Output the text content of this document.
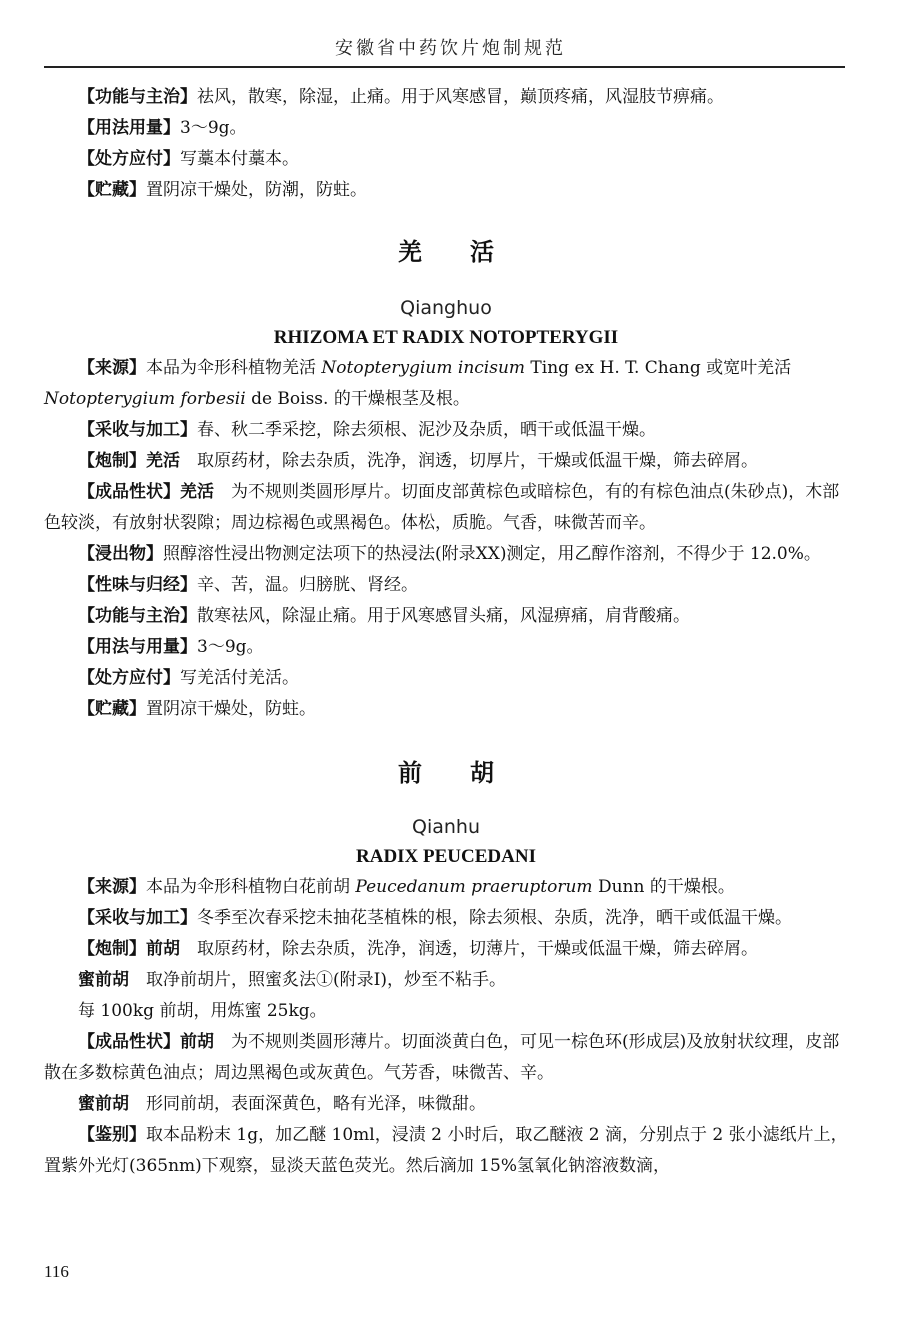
安徽省中药饮片炮制规范

【功能与主治】祛风，散寒，除湿，止痛。用于风寒感冒，巅顶疼痛，风湿肢节痹痛。

【用法用量】3～9g。

【处方应付】写藁本付藁本。

【贮藏】置阴凉干燥处，防潮，防蛀。

羌活

Qianghuo

RHIZOMA ET RADIX NOTOPTERYGII

【来源】本品为伞形科植物羌活 Notopterygium incisum Ting ex H. T. Chang 或宽叶羌活 Notopterygium forbesii de Boiss. 的干燥根茎及根。

【采收与加工】春、秋二季采挖，除去须根、泥沙及杂质，晒干或低温干燥。

【炮制】羌活　取原药材，除去杂质，洗净，润透，切厚片，干燥或低温干燥，筛去碎屑。

【成品性状】羌活　为不规则类圆形厚片。切面皮部黄棕色或暗棕色，有的有棕色油点(朱砂点)，木部色较淡，有放射状裂隙；周边棕褐色或黑褐色。体松，质脆。气香，味微苦而辛。

【浸出物】照醇溶性浸出物测定法项下的热浸法(附录XX)测定，用乙醇作溶剂，不得少于 12.0%。

【性味与归经】辛、苦，温。归膀胱、肾经。

【功能与主治】散寒祛风，除湿止痛。用于风寒感冒头痛，风湿痹痛，肩背酸痛。

【用法与用量】3～9g。

【处方应付】写羌活付羌活。

【贮藏】置阴凉干燥处，防蛀。

前胡

Qianhu

RADIX PEUCEDANI

【来源】本品为伞形科植物白花前胡 Peucedanum praeruptorum Dunn 的干燥根。

【采收与加工】冬季至次春采挖未抽花茎植株的根，除去须根、杂质，洗净，晒干或低温干燥。

【炮制】前胡　取原药材，除去杂质，洗净，润透，切薄片，干燥或低温干燥，筛去碎屑。

蜜前胡　取净前胡片，照蜜炙法①(附录Ⅰ)，炒至不粘手。

每 100kg 前胡，用炼蜜 25kg。

【成品性状】前胡　为不规则类圆形薄片。切面淡黄白色，可见一棕色环(形成层)及放射状纹理，皮部散在多数棕黄色油点；周边黑褐色或灰黄色。气芳香，味微苦、辛。

蜜前胡　形同前胡，表面深黄色，略有光泽，味微甜。

【鉴别】取本品粉末 1g，加乙醚 10ml，浸渍 2 小时后，取乙醚液 2 滴，分别点于 2 张小滤纸片上，置紫外光灯(365nm)下观察，显淡天蓝色荧光。然后滴加 15%氢氧化钠溶液数滴，

116
